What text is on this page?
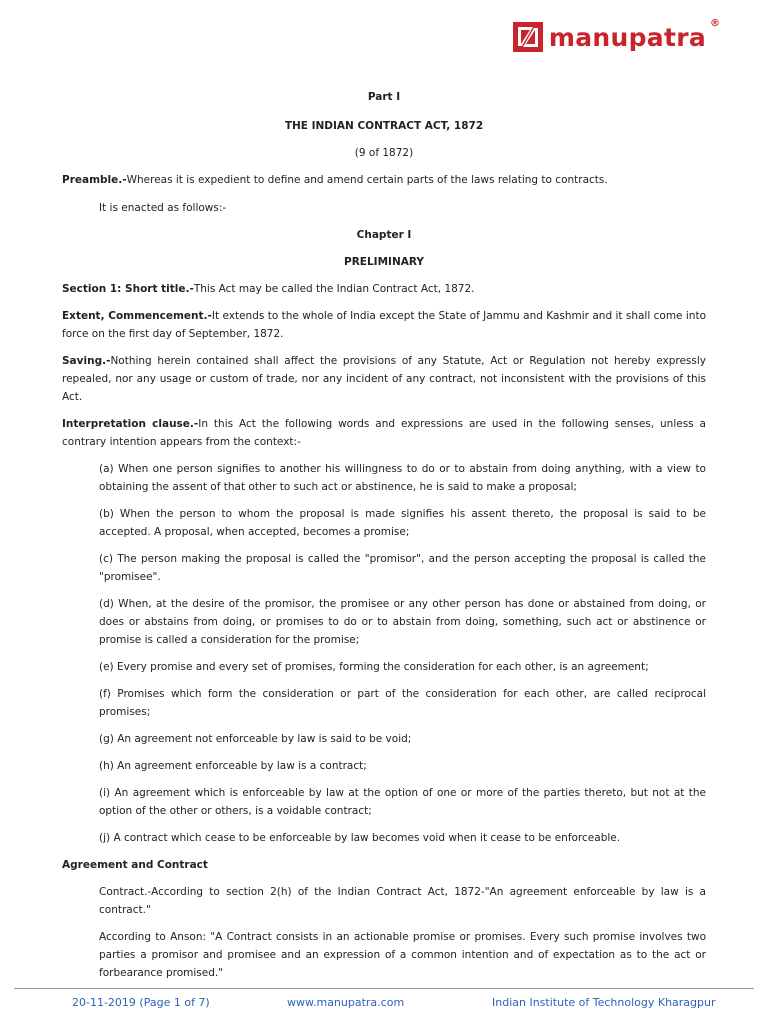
manupatra ®
Part I
THE INDIAN CONTRACT ACT, 1872
(9 of 1872)

Preamble.-Whereas it is expedient to define and amend certain parts of the laws relating to contracts.

It is enacted as follows:-

Chapter I
PRELIMINARY

Section 1: Short title.-This Act may be called the Indian Contract Act, 1872.

Extent, Commencement.-It extends to the whole of India except the State of Jammu and Kashmir and it shall come into force on the first day of September, 1872.

Saving.-Nothing herein contained shall affect the provisions of any Statute, Act or Regulation not hereby expressly repealed, nor any usage or custom of trade, nor any incident of any contract, not inconsistent with the provisions of this Act.

Interpretation clause.-In this Act the following words and expressions are used in the following senses, unless a contrary intention appears from the context:-

(a) When one person signifies to another his willingness to do or to abstain from doing anything, with a view to obtaining the assent of that other to such act or abstinence, he is said to make a proposal;

(b) When the person to whom the proposal is made signifies his assent thereto, the proposal is said to be accepted. A proposal, when accepted, becomes a promise;

(c) The person making the proposal is called the "promisor", and the person accepting the proposal is called the "promisee".

(d) When, at the desire of the promisor, the promisee or any other person has done or abstained from doing, or does or abstains from doing, or promises to do or to abstain from doing, something, such act or abstinence or promise is called a consideration for the promise;

(e) Every promise and every set of promises, forming the consideration for each other, is an agreement;

(f) Promises which form the consideration or part of the consideration for each other, are called reciprocal promises;

(g) An agreement not enforceable by law is said to be void;

(h) An agreement enforceable by law is a contract;

(i) An agreement which is enforceable by law at the option of one or more of the parties thereto, but not at the option of the other or others, is a voidable contract;

(j) A contract which cease to be enforceable by law becomes void when it cease to be enforceable.

Agreement and Contract

Contract.-According to section 2(h) of the Indian Contract Act, 1872-"An agreement enforceable by law is a contract."

According to Anson: "A Contract consists in an actionable promise or promises. Every such promise involves two parties a promisor and promisee and an expression of a common intention and of expectation as to the act or forbearance promised."

20-11-2019 (Page 1 of 7)	www.manupatra.com	Indian Institute of Technology Kharagpur
